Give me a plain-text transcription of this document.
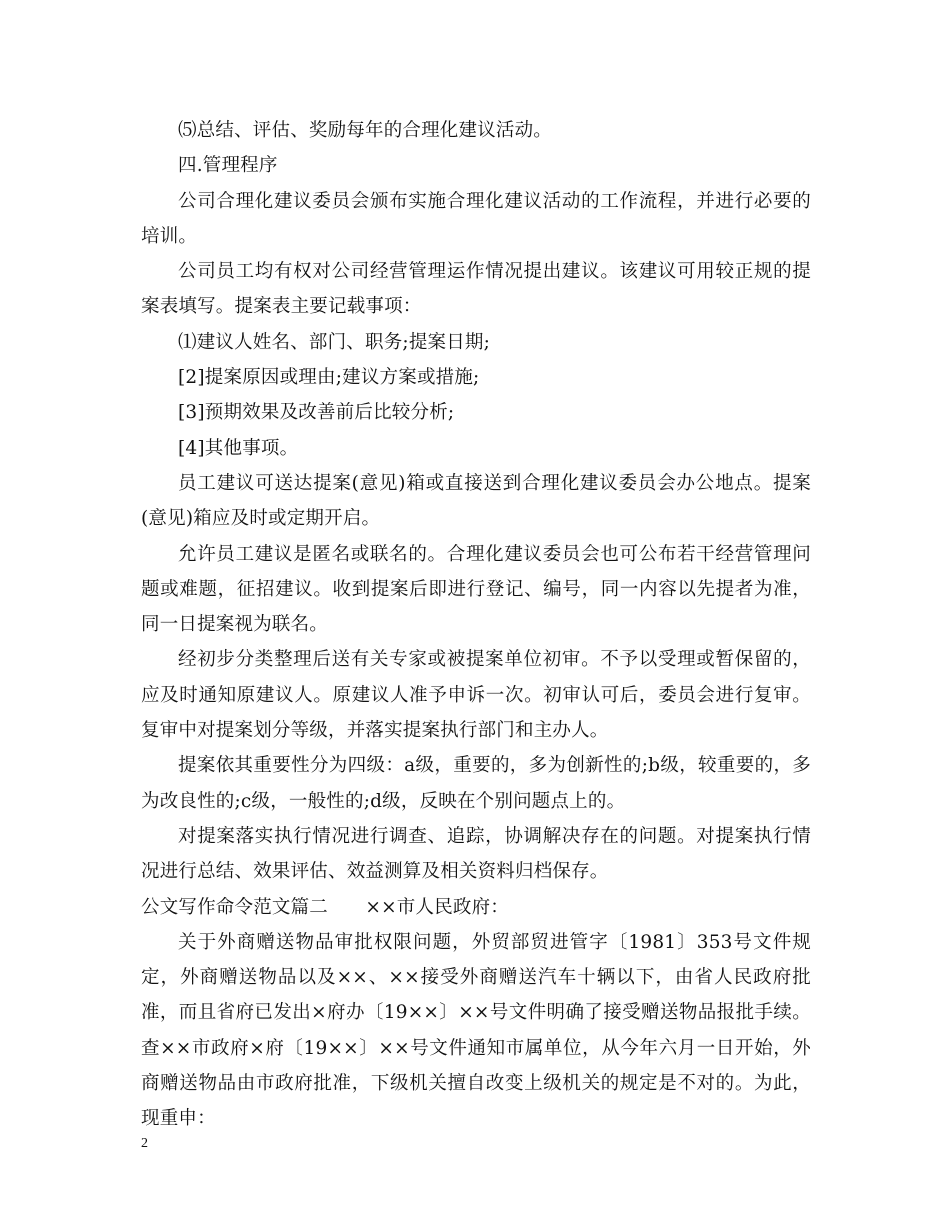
⑸总结、评估、奖励每年的合理化建议活动。

四.管理程序

公司合理化建议委员会颁布实施合理化建议活动的工作流程，并进行必要的培训。

公司员工均有权对公司经营管理运作情况提出建议。该建议可用较正规的提案表填写。提案表主要记载事项：

⑴建议人姓名、部门、职务;提案日期;

[2]提案原因或理由;建议方案或措施;

[3]预期效果及改善前后比较分析;

[4]其他事项。

员工建议可送达提案(意见)箱或直接送到合理化建议委员会办公地点。提案(意见)箱应及时或定期开启。

允许员工建议是匿名或联名的。合理化建议委员会也可公布若干经营管理问题或难题，征招建议。收到提案后即进行登记、编号，同一内容以先提者为准，同一日提案视为联名。

经初步分类整理后送有关专家或被提案单位初审。不予以受理或暂保留的，应及时通知原建议人。原建议人准予申诉一次。初审认可后，委员会进行复审。复审中对提案划分等级，并落实提案执行部门和主办人。

提案依其重要性分为四级：a级，重要的，多为创新性的;b级，较重要的，多为改良性的;c级，一般性的;d级，反映在个别问题点上的。

对提案落实执行情况进行调查、追踪，协调解决存在的问题。对提案执行情况进行总结、效果评估、效益测算及相关资料归档保存。

公文写作命令范文篇二　　××市人民政府：

关于外商赠送物品审批权限问题，外贸部贸进管字〔1981〕353号文件规定，外商赠送物品以及××、××接受外商赠送汽车十辆以下，由省人民政府批准，而且省府已发出×府办〔19××〕××号文件明确了接受赠送物品报批手续。查××市政府×府〔19××〕××号文件通知市属单位，从今年六月一日开始，外商赠送物品由市政府批准，下级机关擅自改变上级机关的规定是不对的。为此，现重申：

2
